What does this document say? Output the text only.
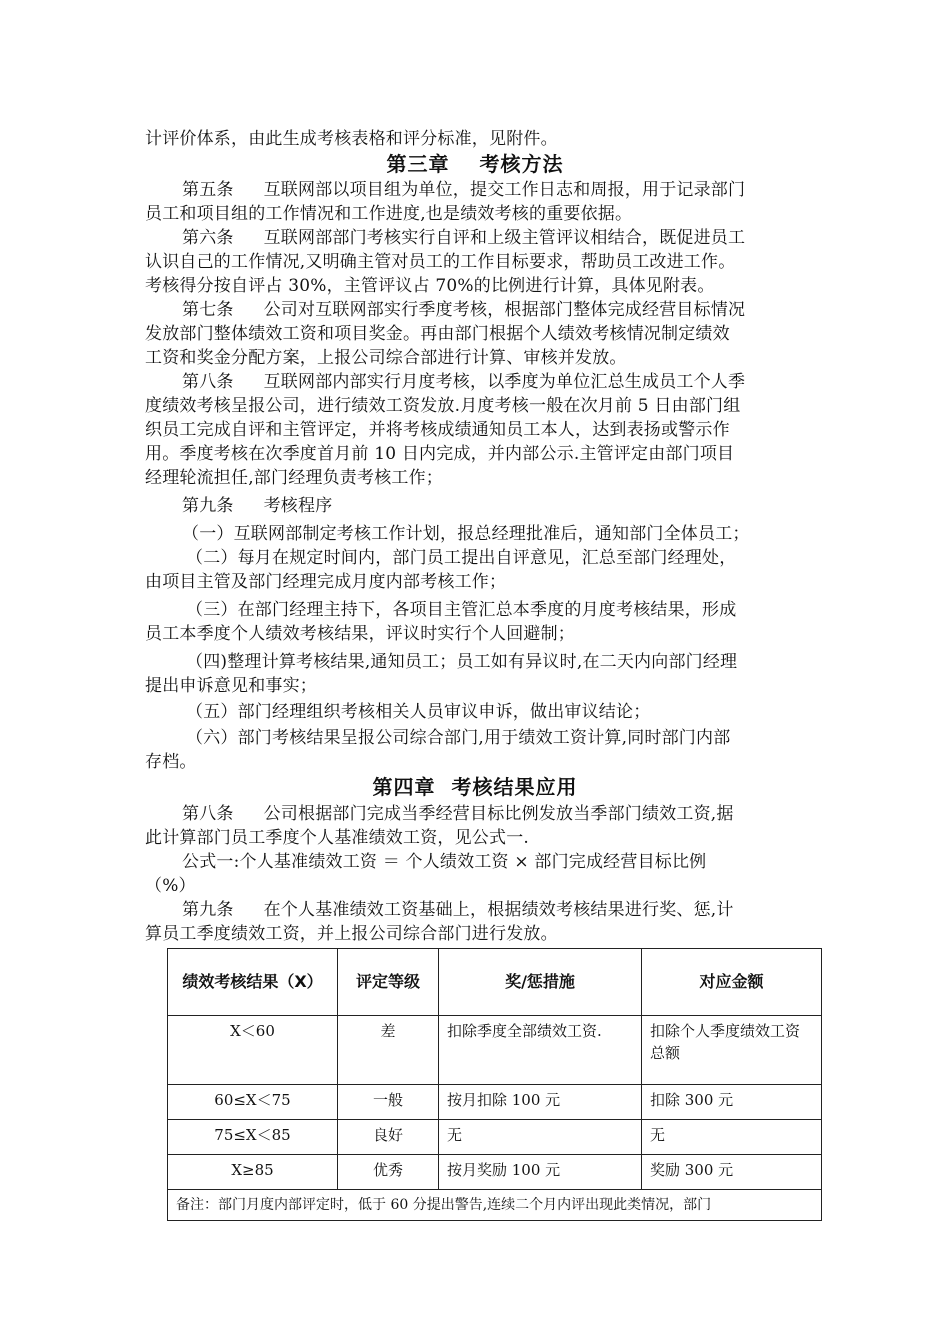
计评价体系，由此生成考核表格和评分标准，见附件。
第三章 考核方法
第五条 互联网部以项目组为单位，提交工作日志和周报，用于记录部门
员工和项目组的工作情况和工作进度,也是绩效考核的重要依据。
第六条 互联网部部门考核实行自评和上级主管评议相结合，既促进员工
认识自己的工作情况,又明确主管对员工的工作目标要求，帮助员工改进工作。
考核得分按自评占 30%，主管评议占 70%的比例进行计算，具体见附表。
第七条 公司对互联网部实行季度考核，根据部门整体完成经营目标情况
发放部门整体绩效工资和项目奖金。再由部门根据个人绩效考核情况制定绩效
工资和奖金分配方案，上报公司综合部进行计算、审核并发放。
第八条 互联网部内部实行月度考核，以季度为单位汇总生成员工个人季
度绩效考核呈报公司，进行绩效工资发放.月度考核一般在次月前 5 日由部门组
织员工完成自评和主管评定，并将考核成绩通知员工本人，达到表扬或警示作
用。季度考核在次季度首月前 10 日内完成，并内部公示.主管评定由部门项目
经理轮流担任,部门经理负责考核工作；
第九条 考核程序
（一）互联网部制定考核工作计划，报总经理批准后，通知部门全体员工；
（二）每月在规定时间内，部门员工提出自评意见，汇总至部门经理处，
由项目主管及部门经理完成月度内部考核工作；
（三）在部门经理主持下，各项目主管汇总本季度的月度考核结果，形成
员工本季度个人绩效考核结果，评议时实行个人回避制；
（四)整理计算考核结果,通知员工；员工如有异议时,在二天内向部门经理
提出申诉意见和事实；
（五）部门经理组织考核相关人员审议申诉，做出审议结论；
（六）部门考核结果呈报公司综合部门,用于绩效工资计算,同时部门内部
存档。
第四章 考核结果应用
第八条 公司根据部门完成当季经营目标比例发放当季部门绩效工资,据
此计算部门员工季度个人基准绩效工资，见公式一.
公式一:个人基准绩效工资 ＝ 个人绩效工资 × 部门完成经营目标比例
（%）
第九条 在个人基准绩效工资基础上，根据绩效考核结果进行奖、惩,计
算员工季度绩效工资，并上报公司综合部门进行发放。
绩效考核结果（X）	评定等级	奖/惩措施	对应金额
X＜60	差	扣除季度全部绩效工资.	扣除个人季度绩效工资总额
60≤X＜75	一般	按月扣除 100 元	扣除 300 元
75≤X＜85	良好	无	无
X≥85	优秀	按月奖励 100 元	奖励 300 元
备注：部门月度内部评定时，低于 60 分提出警告,连续二个月内评出现此类情况，部门			
